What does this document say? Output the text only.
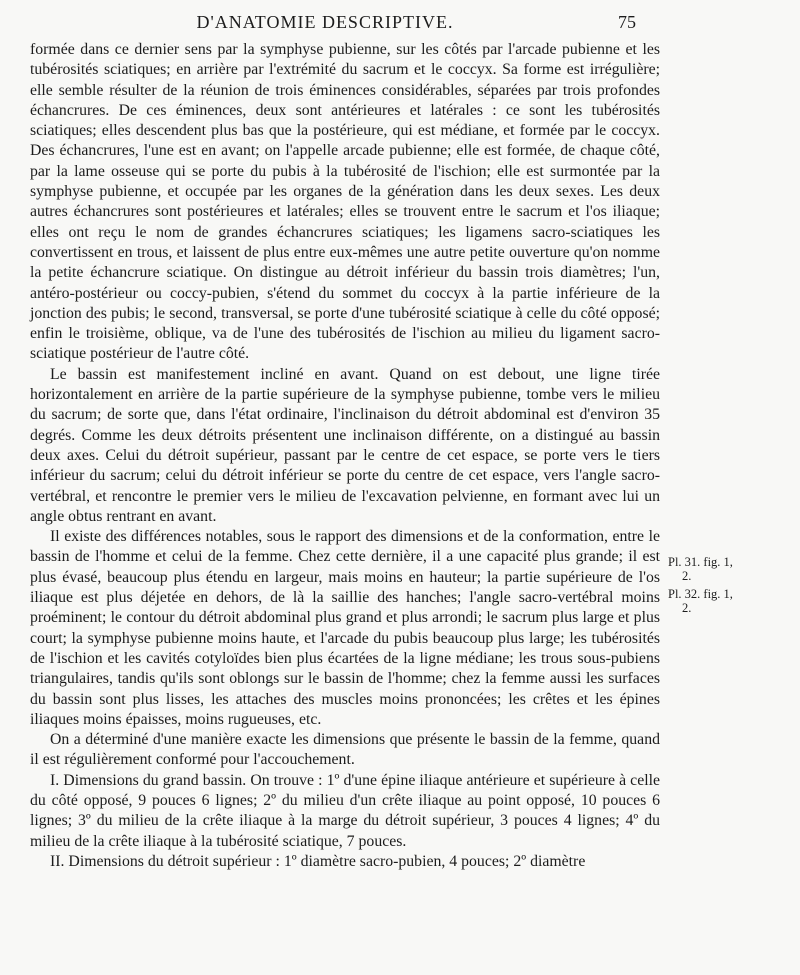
D'ANATOMIE DESCRIPTIVE.	75

formée dans ce dernier sens par la symphyse pubienne, sur les côtés par l'arcade pubienne et les tubérosités sciatiques; en arrière par l'extrémité du sacrum et le coccyx. Sa forme est irrégulière; elle semble résulter de la réunion de trois éminences considérables, séparées par trois profondes échancrures. De ces éminences, deux sont antérieures et latérales : ce sont les tubérosités sciatiques; elles descendent plus bas que la postérieure, qui est médiane, et formée par le coccyx. Des échancrures, l'une est en avant; on l'appelle arcade pubienne; elle est formée, de chaque côté, par la lame osseuse qui se porte du pubis à la tubérosité de l'ischion; elle est surmontée par la symphyse pubienne, et occupée par les organes de la génération dans les deux sexes. Les deux autres échancrures sont postérieures et latérales; elles se trouvent entre le sacrum et l'os iliaque; elles ont reçu le nom de grandes échancrures sciatiques; les ligamens sacro-sciatiques les convertissent en trous, et laissent de plus entre eux-mêmes une autre petite ouverture qu'on nomme la petite échancrure sciatique. On distingue au détroit inférieur du bassin trois diamètres; l'un, antéro-postérieur ou coccy-pubien, s'étend du sommet du coccyx à la partie inférieure de la jonction des pubis; le second, transversal, se porte d'une tubérosité sciatique à celle du côté opposé; enfin le troisième, oblique, va de l'une des tubérosités de l'ischion au milieu du ligament sacro-sciatique postérieur de l'autre côté.

Le bassin est manifestement incliné en avant. Quand on est debout, une ligne tirée horizontalement en arrière de la partie supérieure de la symphyse pubienne, tombe vers le milieu du sacrum; de sorte que, dans l'état ordinaire, l'inclinaison du détroit abdominal est d'environ 35 degrés. Comme les deux détroits présentent une inclinaison différente, on a distingué au bassin deux axes. Celui du détroit supérieur, passant par le centre de cet espace, se porte vers le tiers inférieur du sacrum; celui du détroit inférieur se porte du centre de cet espace, vers l'angle sacro-vertébral, et rencontre le premier vers le milieu de l'excavation pelvienne, en formant avec lui un angle obtus rentrant en avant.

Il existe des différences notables, sous le rapport des dimensions et de la conformation, entre le bassin de l'homme et celui de la femme. Chez cette dernière, il a une capacité plus grande; il est plus évasé, beaucoup plus étendu en largeur, mais moins en hauteur; la partie supérieure de l'os iliaque est plus déjetée en dehors, de là la saillie des hanches; l'angle sacro-vertébral moins proéminent; le contour du détroit abdominal plus grand et plus arrondi; le sacrum plus large et plus court; la symphyse pubienne moins haute, et l'arcade du pubis beaucoup plus large; les tubérosités de l'ischion et les cavités cotyloïdes bien plus écartées de la ligne médiane; les trous sous-pubiens triangulaires, tandis qu'ils sont oblongs sur le bassin de l'homme; chez la femme aussi les surfaces du bassin sont plus lisses, les attaches des muscles moins prononcées; les crêtes et les épines iliaques moins épaisses, moins rugueuses, etc.

On a déterminé d'une manière exacte les dimensions que présente le bassin de la femme, quand il est régulièrement conformé pour l'accouchement.

I. Dimensions du grand bassin. On trouve : 1º d'une épine iliaque antérieure et supérieure à celle du côté opposé, 9 pouces 6 lignes; 2º du milieu d'un crête iliaque au point opposé, 10 pouces 6 lignes; 3º du milieu de la crête iliaque à la marge du détroit supérieur, 3 pouces 4 lignes; 4º du milieu de la crête iliaque à la tubérosité sciatique, 7 pouces.

II. Dimensions du détroit supérieur : 1º diamètre sacro-pubien, 4 pouces; 2º diamètre

Pl. 31. fig. 1,
2.

Pl. 32. fig. 1,
2.
